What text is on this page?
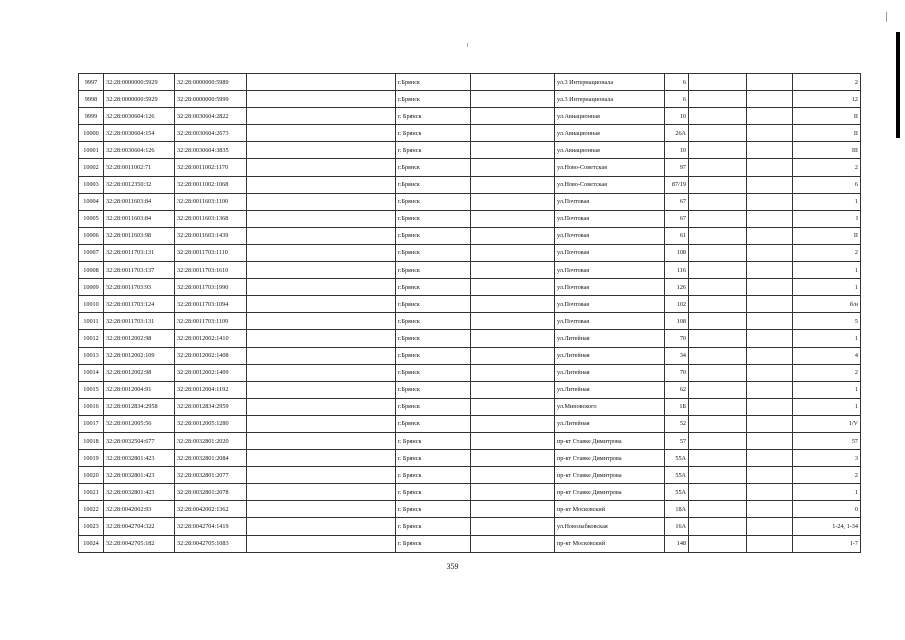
9997	32:28:0000000:5929	32:28:0000000:5989		г.Брянск		ул.3 Интернационала	6			2
9998	32:28:0000000:5929	32:28:0000000:5999		г.Брянск		ул.3 Интернационала	6			12
9999	32:28:0030604:126	32:28:0030604:2822		г. Брянск		ул.Авиационная	10			II
10000	32:28:0030604:154	32:28:0030604:2673		г. Брянск		ул.Авиационная	26А			II
10001	32:28:0030604:126	32:28:0030604:3835		г. Брянск		ул.Авиационная	10			III
10002	32:28:0011002:71	32:28:0011002:1170		г.Брянск		ул.Ново-Советская	97			2
10003	32:28:0012350:32	32:28:0011002:1068		г.Брянск		ул.Ново-Советская	87/19			6
10004	32:28:0011603:84	32:28:0011603:1100		г.Брянск		ул.Почтовая	67			1
10005	32:28:0011603:84	32:28:0011603:1368		г.Брянск		ул.Почтовая	67			I
10006	32:28:0011603:98	32:28:0011603:1439		г.Брянск		ул.Почтовая	61			II
10007	32:28:0011703:131	32:28:0011703:1110		г.Брянск		ул.Почтовая	108			2
10008	32:28:0011703:137	32:28:0011703:1610		г.Брянск		ул.Почтовая	116			1
10009	32:28:0011703:93	32:28:0011703:1990		г.Брянск		ул.Почтовая	126			1
10010	32:28:0011703:124	32:28:0011703:1094		г.Брянск		ул.Почтовая	102			б/н
10011	32:28:0011703:131	32:28:0011703:1109		г.Брянск		ул.Почтовая	108			5
10012	32:28:0012002:98	32:28:0012002:1410		г.Брянск		ул.Литейная	70			1
10013	32:28:0012002:109	32:28:0012002:1408		г.Брянск		ул.Литейная	34			4
10014	32:28:0012002:98	32:28:0012002:1409		г.Брянск		ул.Литейная	70			2
10015	32:28:0012004:91	32:28:0012004:1192		г.Брянск		ул.Литейная	62			1
10016	32:28:0012834:2958	32:28:0012834:2959		г.Брянск		ул.Миновского	1Б			1
10017	32:28:0012005:56	32:28:0012005:1280		г.Брянск		ул.Литейная	52			1/V
10018	32:28:0032504:677	32:28:0032801:2020		г. Брянск		пр-кт Ставке Димитрова	57			57
10019	32:28:0032801:423	32:28:0032801:2084		г. Брянск		пр-кт Ставке Димитрова	55А			3
10020	32:28:0032801:423	32:28:0032801:2077		г. Брянск		пр-кт Ставке Димитрова	55А			2
10021	32:28:0032801:423	32:28:0032801:2078		г. Брянск		пр-кт Ставке Димитрова	55А			1
10022	32:28:0042002:93	32:28:0042002:1362		г. Брянск		пр-кт Московский	18А			0
10023	32:28:0042704:322	32:28:0042704:1419		г. Брянск		ул.Новозыбковская	16А			1-24, 1-34
10024	32:28:0042705:182	32:28:0042705:1083		г. Брянск		пр-кт Московский	148			1-7
359
